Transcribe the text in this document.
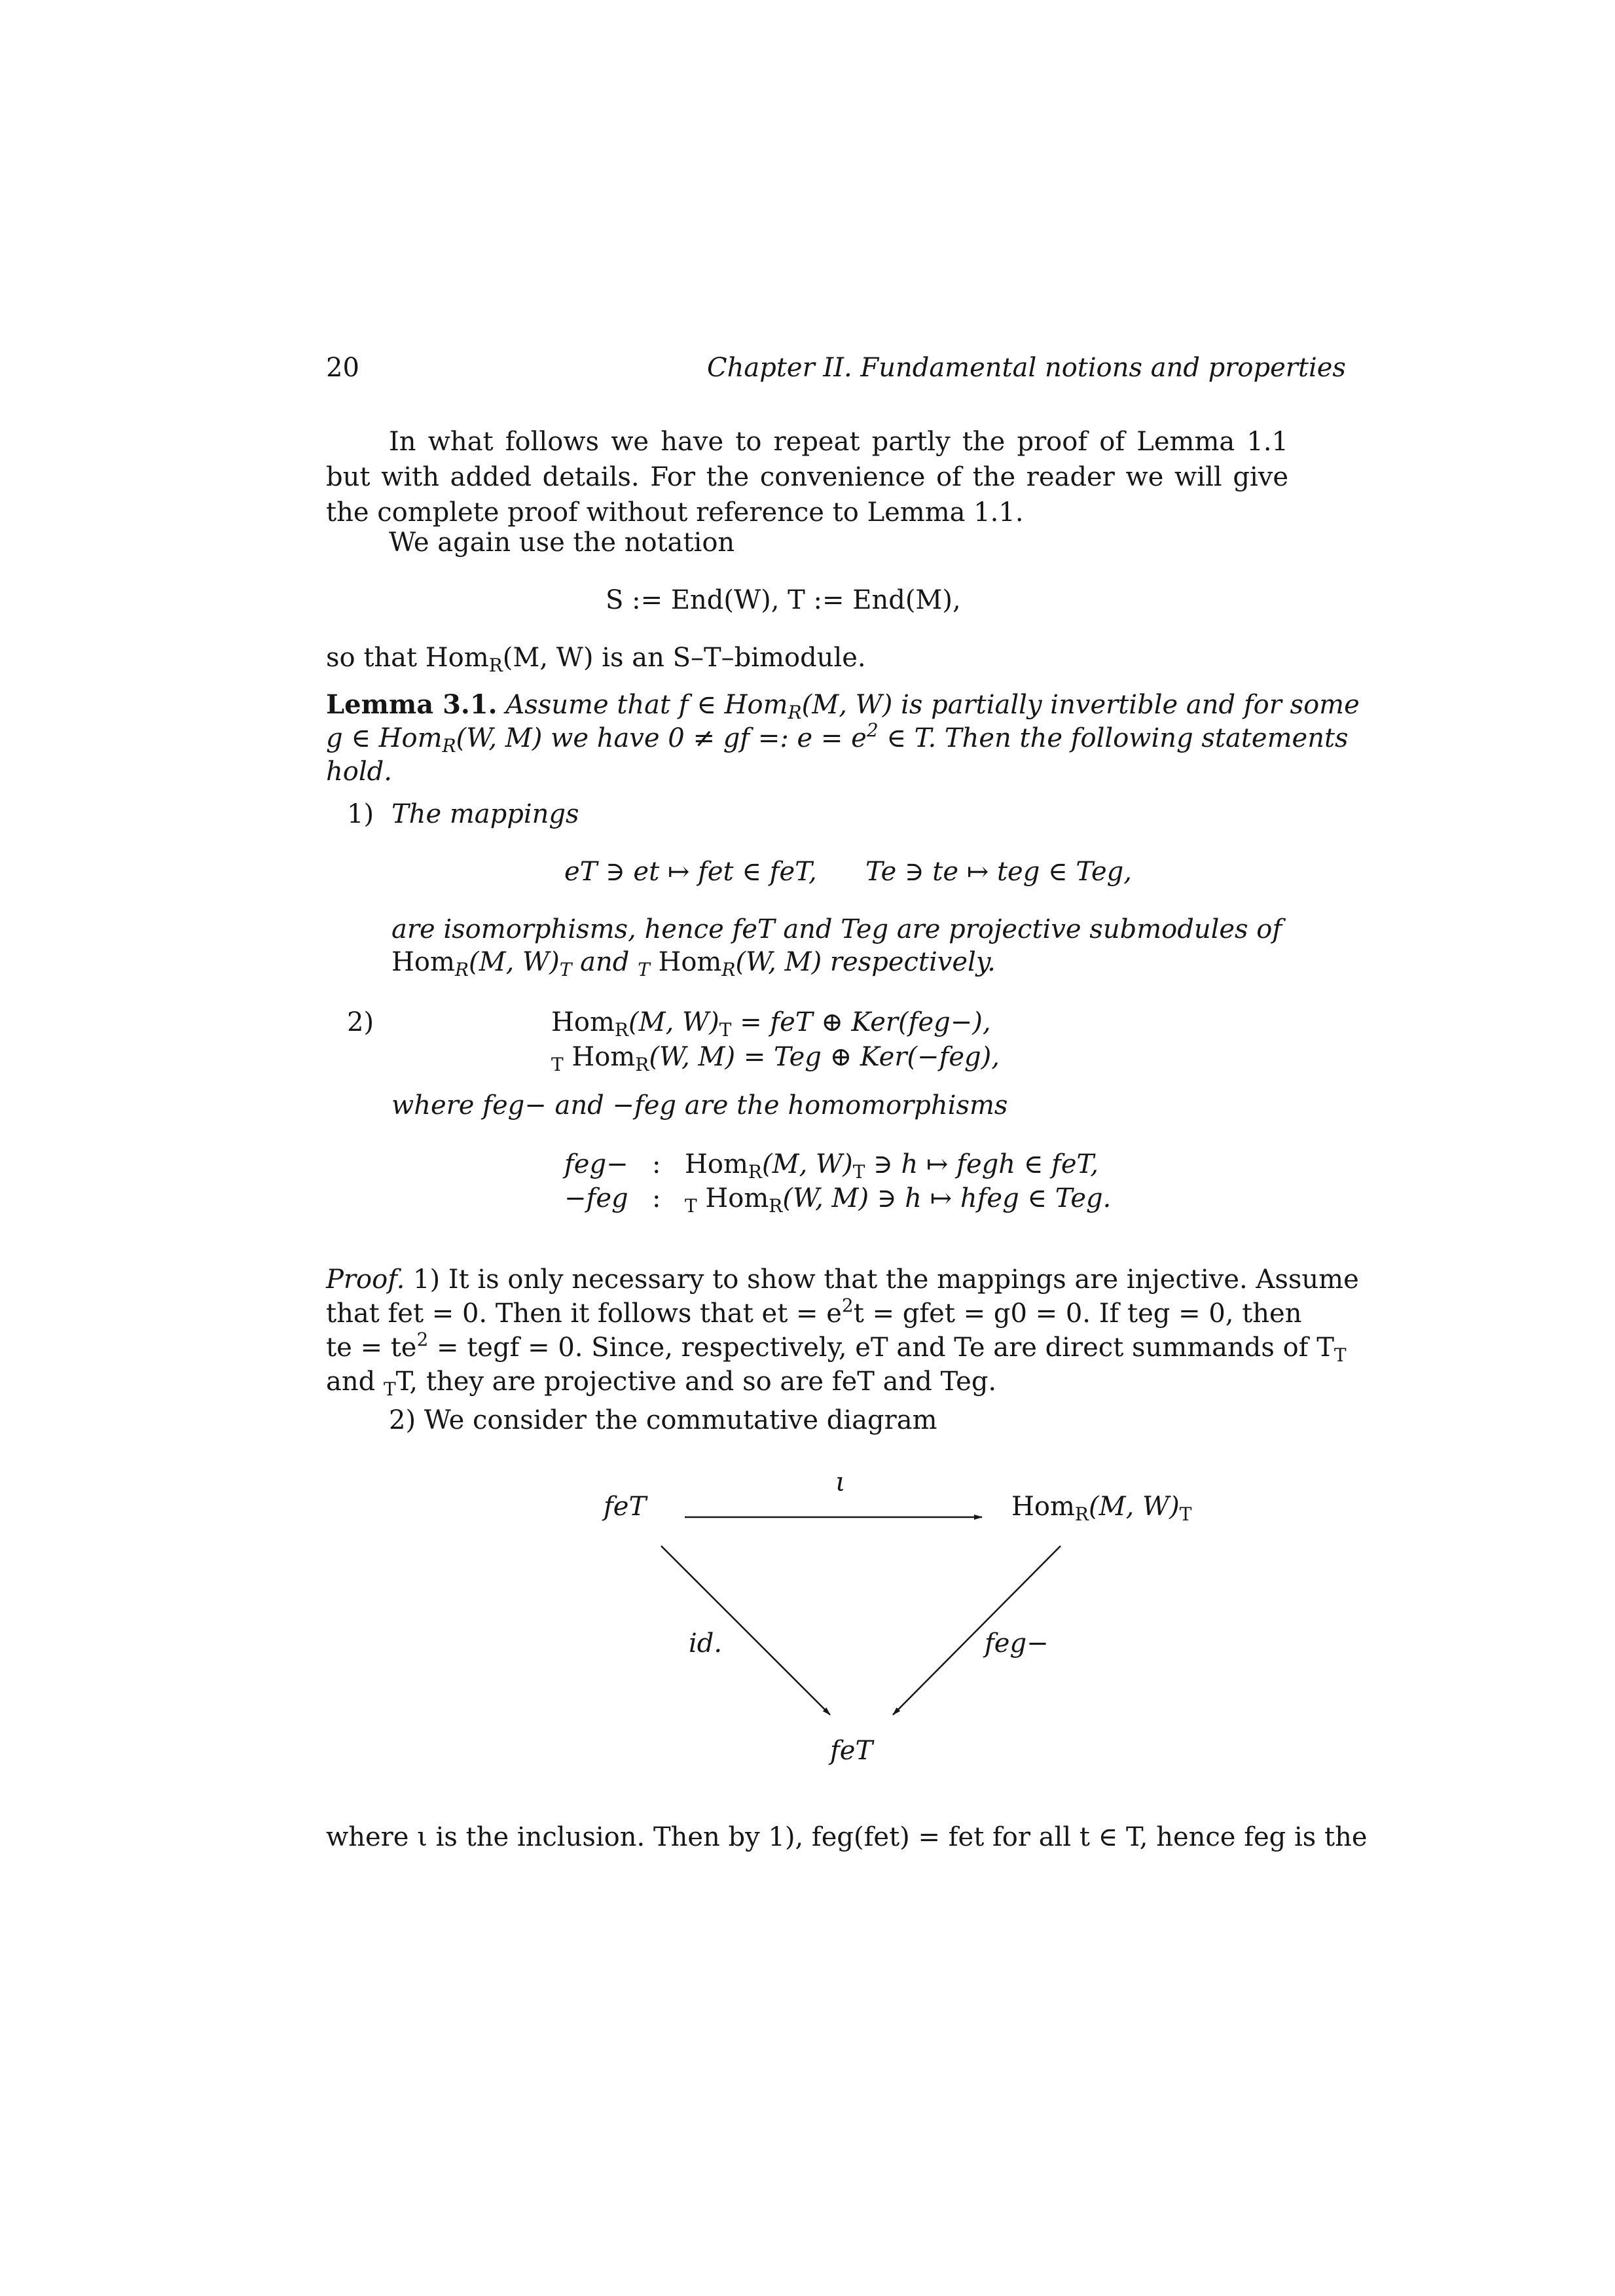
20	Chapter II. Fundamental notions and properties
In what follows we have to repeat partly the proof of Lemma 1.1 but with added details. For the convenience of the reader we will give the complete proof without reference to Lemma 1.1.
We again use the notation
S := End(W), T := End(M),
so that Hom$_R$(M, W) is an S–T–bimodule.
Lemma 3.1. Assume that f ∈ Hom$_R$(M, W) is partially invertible and for some
g ∈ Hom$_R$(W, M) we have 0 ≠ gf =: $e = e^2$ ∈ T. Then the following statements
hold.
1) The mappings
eT ∋ et ↦ fet ∈ feT, Te ∋ te ↦ teg ∈ Teg,
are isomorphisms, hence feT and Teg are projective submodules of
Hom$_R$(M, $W)_T$ and $_T$ Hom$_R$(W, M) respectively.
2)	Hom$_R$(M, $W)_T$ = feT ⊕ Ker(feg−),
$_T$ Hom$_R$(W, M) = Teg ⊕ Ker(−feg),
where feg− and −feg are the homomorphisms
feg− : Hom$_R$(M, $W)_T$ ∋ h ↦ fegh ∈ feT,
−feg : $_T$ Hom$_R$(W, M) ∋ h ↦ hfeg ∈ Teg.
Proof. 1) It is only necessary to show that the mappings are injective. Assume
that fet = 0. Then it follows that et = $e^2t$ = gfet = g0 = 0. If teg = 0, then
te = $te^2$ = tegf = 0. Since, respectively, eT and Te are direct summands of $T_T$
and $_T$T, they are projective and so are feT and Teg.
2) We consider the commutative diagram
feT
ι
Hom$_R$(M, $W)_T$
id.	feg−
feT
where ι is the inclusion. Then by 1), feg(fet) = fet for all t ∈ T, hence feg is the
